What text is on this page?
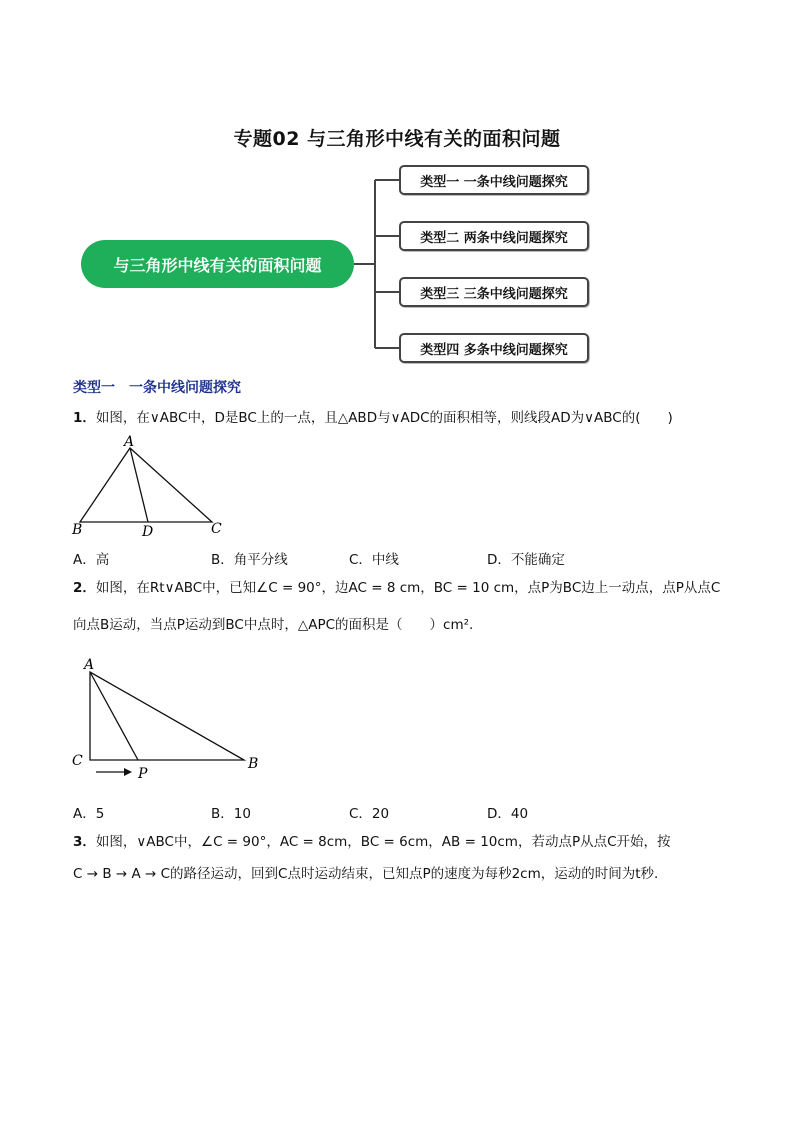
专题02 与三角形中线有关的面积问题
与三角形中线有关的面积问题
类型一 一条中线问题探究
类型二 两条中线问题探究
类型三 三条中线问题探究
类型四 多条中线问题探究
类型一 一条中线问题探究
1．如图，在∨ABC中，D是BC上的一点，且△ABD与∨ADC的面积相等，则线段AD为∨ABC的(　　)
A
B	C
D
A．高	B．角平分线	C．中线	D．不能确定
2．如图，在Rt∨ABC中，已知∠C = 90°，边AC = 8 cm，BC = 10 cm，点P为BC边上一动点，点P从点C
向点B运动，当点P运动到BC中点时，△APC的面积是（　　）cm².
A
C	B
P
A．5	B．10	C．20	D．40
3．如图，∨ABC中，∠C = 90°，AC = 8cm，BC = 6cm，AB = 10cm，若动点P从点C开始，按
C → B → A → C的路径运动，回到C点时运动结束，已知点P的速度为每秒2cm，运动的时间为t秒.
